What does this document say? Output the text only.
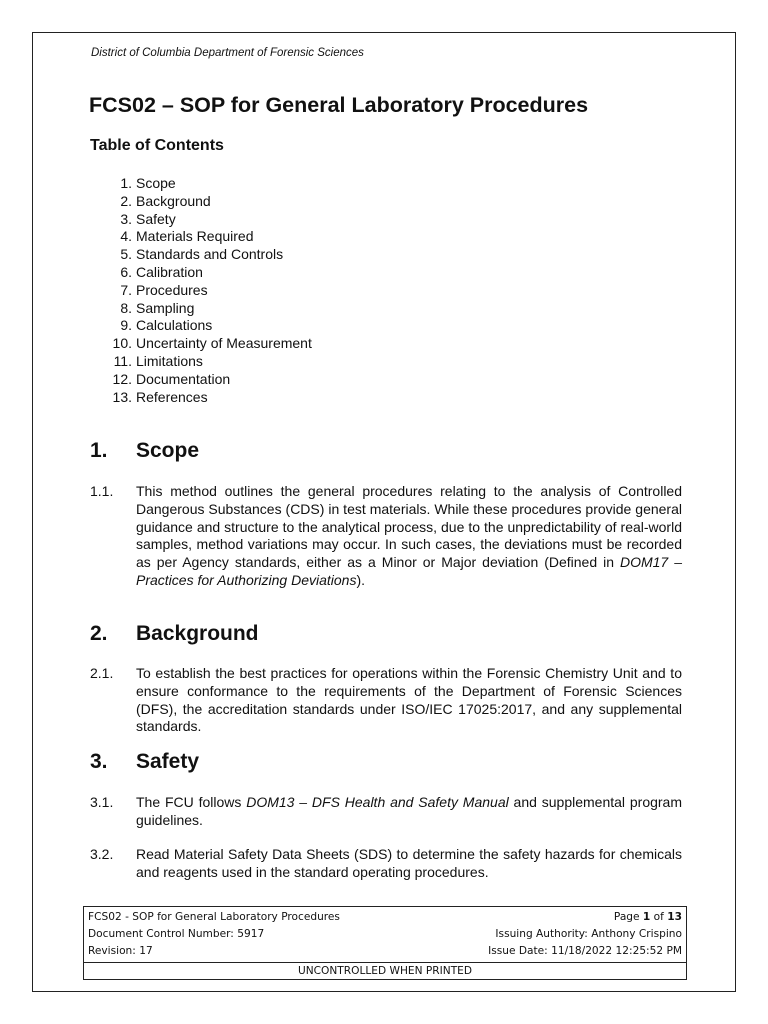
District of Columbia Department of Forensic Sciences
FCS02 – SOP for General Laboratory Procedures
Table of Contents
1. Scope
2. Background
3. Safety
4. Materials Required
5. Standards and Controls
6. Calibration
7. Procedures
8. Sampling
9. Calculations
10. Uncertainty of Measurement
11. Limitations
12. Documentation
13. References
1.	Scope
1.1.	This method outlines the general procedures relating to the analysis of Controlled Dangerous Substances (CDS) in test materials. While these procedures provide general guidance and structure to the analytical process, due to the unpredictability of real-world samples, method variations may occur. In such cases, the deviations must be recorded as per Agency standards, either as a Minor or Major deviation (Defined in DOM17 – Practices for Authorizing Deviations).

2.	Background
2.1.	To establish the best practices for operations within the Forensic Chemistry Unit and to ensure conformance to the requirements of the Department of Forensic Sciences (DFS), the accreditation standards under ISO/IEC 17025:2017, and any supplemental standards.

3.	Safety
3.1.	The FCU follows DOM13 – DFS Health and Safety Manual and supplemental program guidelines.

3.2.	Read Material Safety Data Sheets (SDS) to determine the safety hazards for chemicals and reagents used in the standard operating procedures.

FCS02 - SOP for General Laboratory Procedures	Page 1 of 13
Document Control Number: 5917	Issuing Authority: Anthony Crispino
Revision: 17	Issue Date: 11/18/2022 12:25:52 PM
UNCONTROLLED WHEN PRINTED
